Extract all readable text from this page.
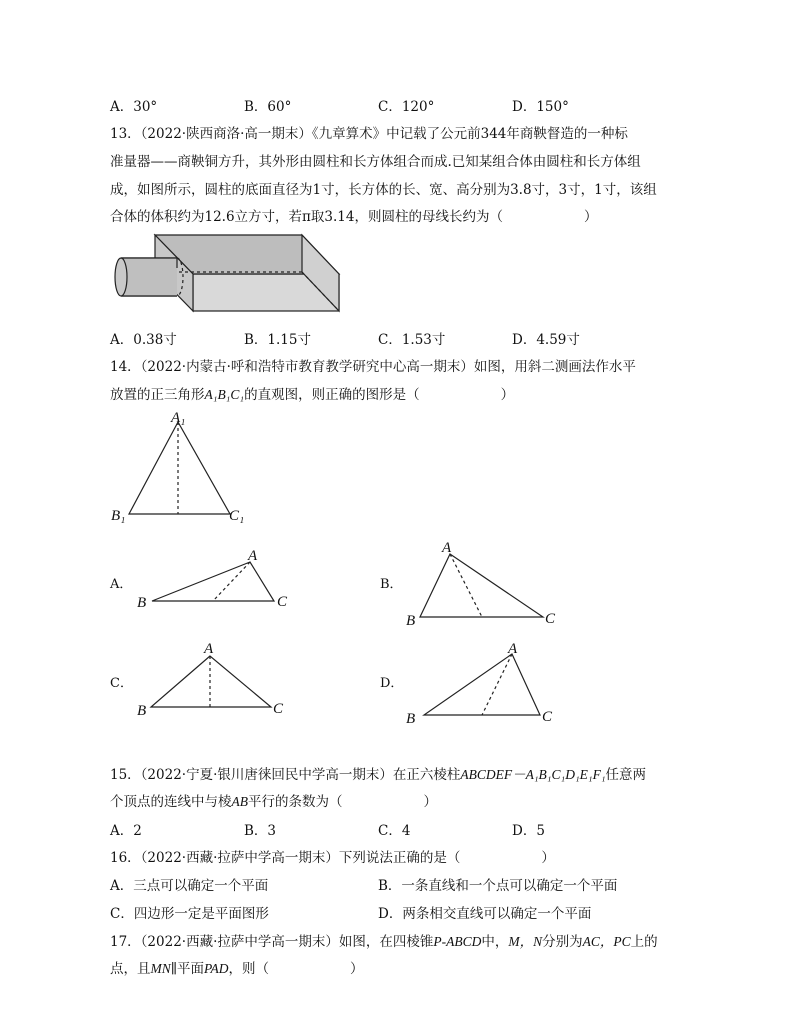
A．30°	B．60°	C．120°	D．150°
13．（2022·陕西商洛·高一期末）《九章算术》中记载了公元前344年商鞅督造的一种标
准量器——商鞅铜方升，其外形由圆柱和长方体组合而成.已知某组合体由圆柱和长方体组
成，如图所示，圆柱的底面直径为1寸，长方体的长、宽、高分别为3.8寸，3寸，1寸，该组
合体的体积约为12.6立方寸，若π取3.14，则圆柱的母线长约为（　　　　　　）
A．0.38寸	B．1.15寸	C．1.53寸	D．4.59寸
14．（2022·内蒙古·呼和浩特市教育教学研究中心高一期末）如图，用斜二测画法作水平
放置的正三角形A₁B₁C₁的直观图，则正确的图形是（　　　　　　）
A₁
B₁	C₁
A．
A
B	C
B．
A
B	C
C．
A
B	C
D．
A
B	C
15．（2022·宁夏·银川唐徕回民中学高一期末）在正六棱柱ABCDEF－A₁B₁C₁D₁E₁F₁任意两
个顶点的连线中与棱AB平行的条数为（　　　　　　）
A．2	B．3	C．4	D．5
16．（2022·西藏·拉萨中学高一期末）下列说法正确的是（　　　　　　）
A．三点可以确定一个平面	B．一条直线和一个点可以确定一个平面
C．四边形一定是平面图形	D．两条相交直线可以确定一个平面
17．（2022·西藏·拉萨中学高一期末）如图，在四棱锥P-ABCD中，M，N分别为AC，PC上的
点，且MN∥平面PAD，则（　　　　　　）
